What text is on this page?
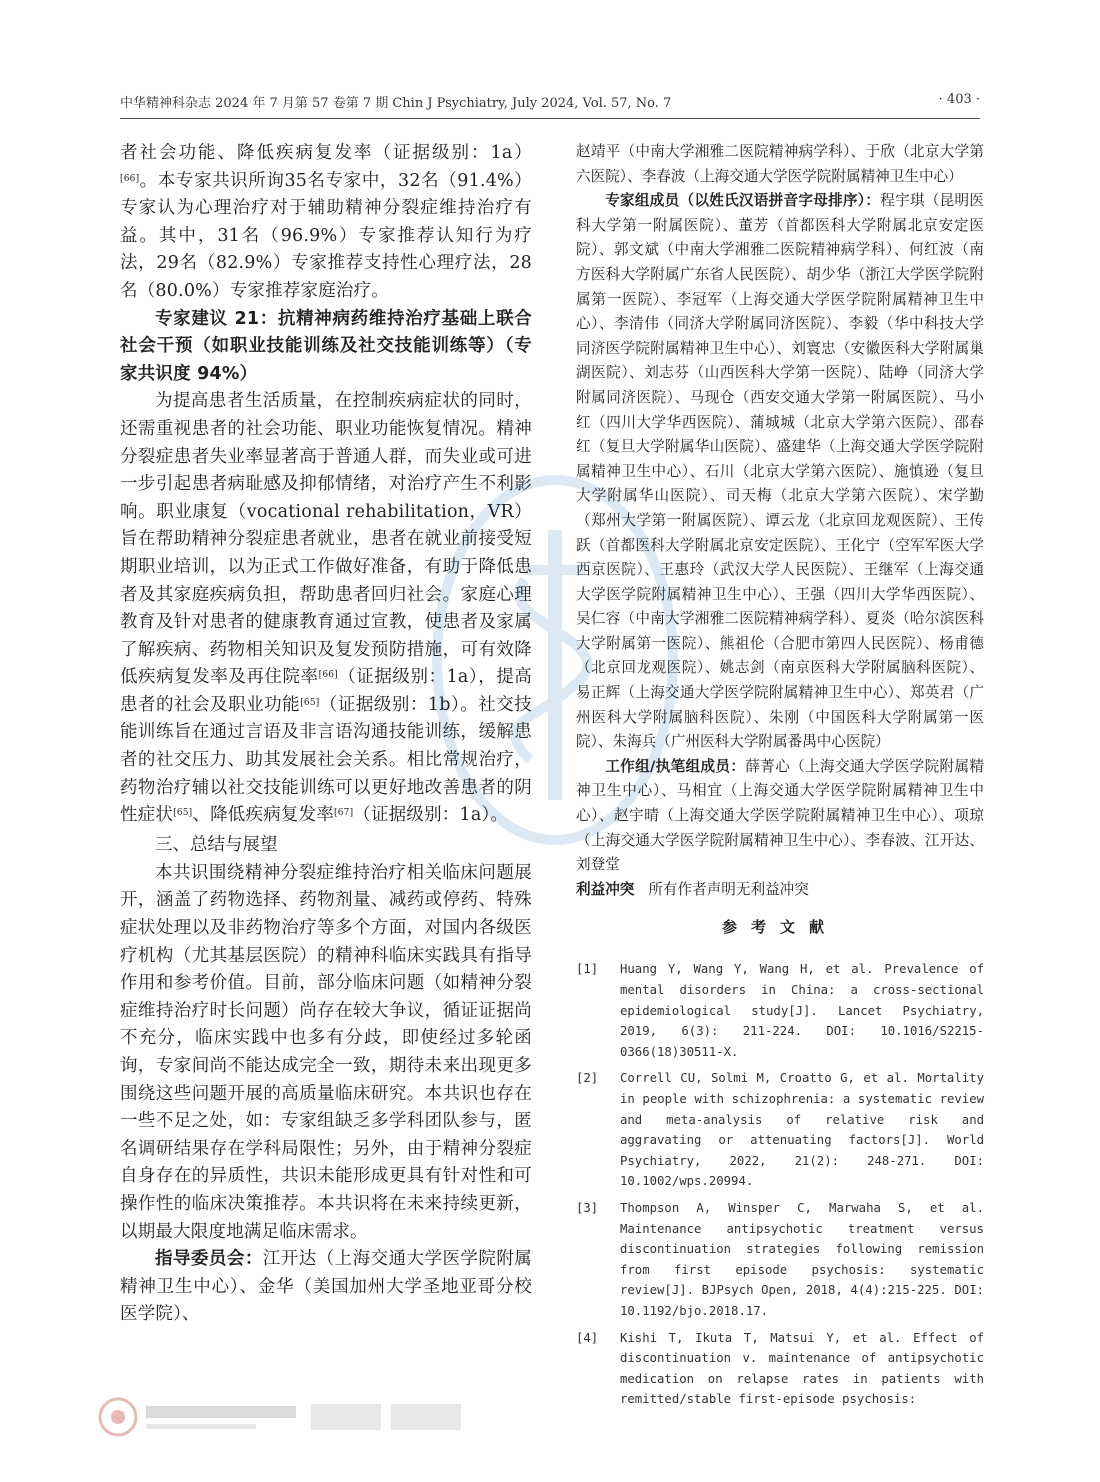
中华精神科杂志 2024 年 7 月第 57 卷第 7 期 Chin J Psychiatry, July 2024, Vol. 57, No. 7	· 403 ·

者社会功能、降低疾病复发率（证据级别：1a）[66]。本专家共识所询35名专家中，32名（91.4%）专家认为心理治疗对于辅助精神分裂症维持治疗有益。其中，31名（96.9%）专家推荐认知行为疗法，29名（82.9%）专家推荐支持性心理疗法，28名（80.0%）专家推荐家庭治疗。

专家建议 21：抗精神病药维持治疗基础上联合社会干预（如职业技能训练及社交技能训练等）（专家共识度 94%）

为提高患者生活质量，在控制疾病症状的同时，还需重视患者的社会功能、职业功能恢复情况。精神分裂症患者失业率显著高于普通人群，而失业或可进一步引起患者病耻感及抑郁情绪，对治疗产生不利影响。职业康复（vocational rehabilitation，VR）旨在帮助精神分裂症患者就业，患者在就业前接受短期职业培训，以为正式工作做好准备，有助于降低患者及其家庭疾病负担，帮助患者回归社会。家庭心理教育及针对患者的健康教育通过宣教，使患者及家属了解疾病、药物相关知识及复发预防措施，可有效降低疾病复发率及再住院率[66]（证据级别：1a），提高患者的社会及职业功能[65]（证据级别：1b）。社交技能训练旨在通过言语及非言语沟通技能训练，缓解患者的社交压力、助其发展社会关系。相比常规治疗，药物治疗辅以社交技能训练可以更好地改善患者的阴性症状[65]、降低疾病复发率[67]（证据级别：1a）。

三、总结与展望

本共识围绕精神分裂症维持治疗相关临床问题展开，涵盖了药物选择、药物剂量、减药或停药、特殊症状处理以及非药物治疗等多个方面，对国内各级医疗机构（尤其基层医院）的精神科临床实践具有指导作用和参考价值。目前，部分临床问题（如精神分裂症维持治疗时长问题）尚存在较大争议，循证证据尚不充分，临床实践中也多有分歧，即使经过多轮函询，专家间尚不能达成完全一致，期待未来出现更多围绕这些问题开展的高质量临床研究。本共识也存在一些不足之处，如：专家组缺乏多学科团队参与，匿名调研结果存在学科局限性；另外，由于精神分裂症自身存在的异质性，共识未能形成更具有针对性和可操作性的临床决策推荐。本共识将在未来持续更新，以期最大限度地满足临床需求。

指导委员会：江开达（上海交通大学医学院附属精神卫生中心）、金华（美国加州大学圣地亚哥分校医学院）、

赵靖平（中南大学湘雅二医院精神病学科）、于欣（北京大学第六医院）、李春波（上海交通大学医学院附属精神卫生中心）

专家组成员（以姓氏汉语拼音字母排序）：程宇琪（昆明医科大学第一附属医院）、董芳（首都医科大学附属北京安定医院）、郭文斌（中南大学湘雅二医院精神病学科）、何红波（南方医科大学附属广东省人民医院）、胡少华（浙江大学医学院附属第一医院）、李冠军（上海交通大学医学院附属精神卫生中心）、李清伟（同济大学附属同济医院）、李毅（华中科技大学同济医学院附属精神卫生中心）、刘寰忠（安徽医科大学附属巢湖医院）、刘志芬（山西医科大学第一医院）、陆峥（同济大学附属同济医院）、马现仓（西安交通大学第一附属医院）、马小红（四川大学华西医院）、蒲城城（北京大学第六医院）、邵春红（复旦大学附属华山医院）、盛建华（上海交通大学医学院附属精神卫生中心）、石川（北京大学第六医院）、施慎逊（复旦大学附属华山医院）、司天梅（北京大学第六医院）、宋学勤（郑州大学第一附属医院）、谭云龙（北京回龙观医院）、王传跃（首都医科大学附属北京安定医院）、王化宁（空军军医大学西京医院）、王惠玲（武汉大学人民医院）、王继军（上海交通大学医学院附属精神卫生中心）、王强（四川大学华西医院）、吴仁容（中南大学湘雅二医院精神病学科）、夏炎（哈尔滨医科大学附属第一医院）、熊祖伦（合肥市第四人民医院）、杨甫德（北京回龙观医院）、姚志剑（南京医科大学附属脑科医院）、易正辉（上海交通大学医学院附属精神卫生中心）、郑英君（广州医科大学附属脑科医院）、朱刚（中国医科大学附属第一医院）、朱海兵（广州医科大学附属番禺中心医院）

工作组/执笔组成员：薛菁心（上海交通大学医学院附属精神卫生中心）、马相宜（上海交通大学医学院附属精神卫生中心）、赵宇晴（上海交通大学医学院附属精神卫生中心）、项琼（上海交通大学医学院附属精神卫生中心）、李春波、江开达、刘登堂

利益冲突 所有作者声明无利益冲突

参考文献
[1]	Huang Y, Wang Y, Wang H, et al. Prevalence of mental disorders in China: a cross-sectional epidemiological study[J]. Lancet Psychiatry, 2019, 6(3): 211-224. DOI: 10.1016/S2215-0366(18)30511-X.
[2]	Correll CU, Solmi M, Croatto G, et al. Mortality in people with schizophrenia: a systematic review and meta-analysis of relative risk and aggravating or attenuating factors[J]. World Psychiatry, 2022, 21(2): 248-271. DOI: 10.1002/wps.20994.
[3]	Thompson A, Winsper C, Marwaha S, et al. Maintenance antipsychotic treatment versus discontinuation strategies following remission from first episode psychosis: systematic review[J]. BJPsych Open, 2018, 4(4):215-225. DOI: 10.1192/bjo.2018.17.
[4]	Kishi T, Ikuta T, Matsui Y, et al. Effect of discontinuation v. maintenance of antipsychotic medication on relapse rates in patients with remitted/stable first-episode psychosis:
